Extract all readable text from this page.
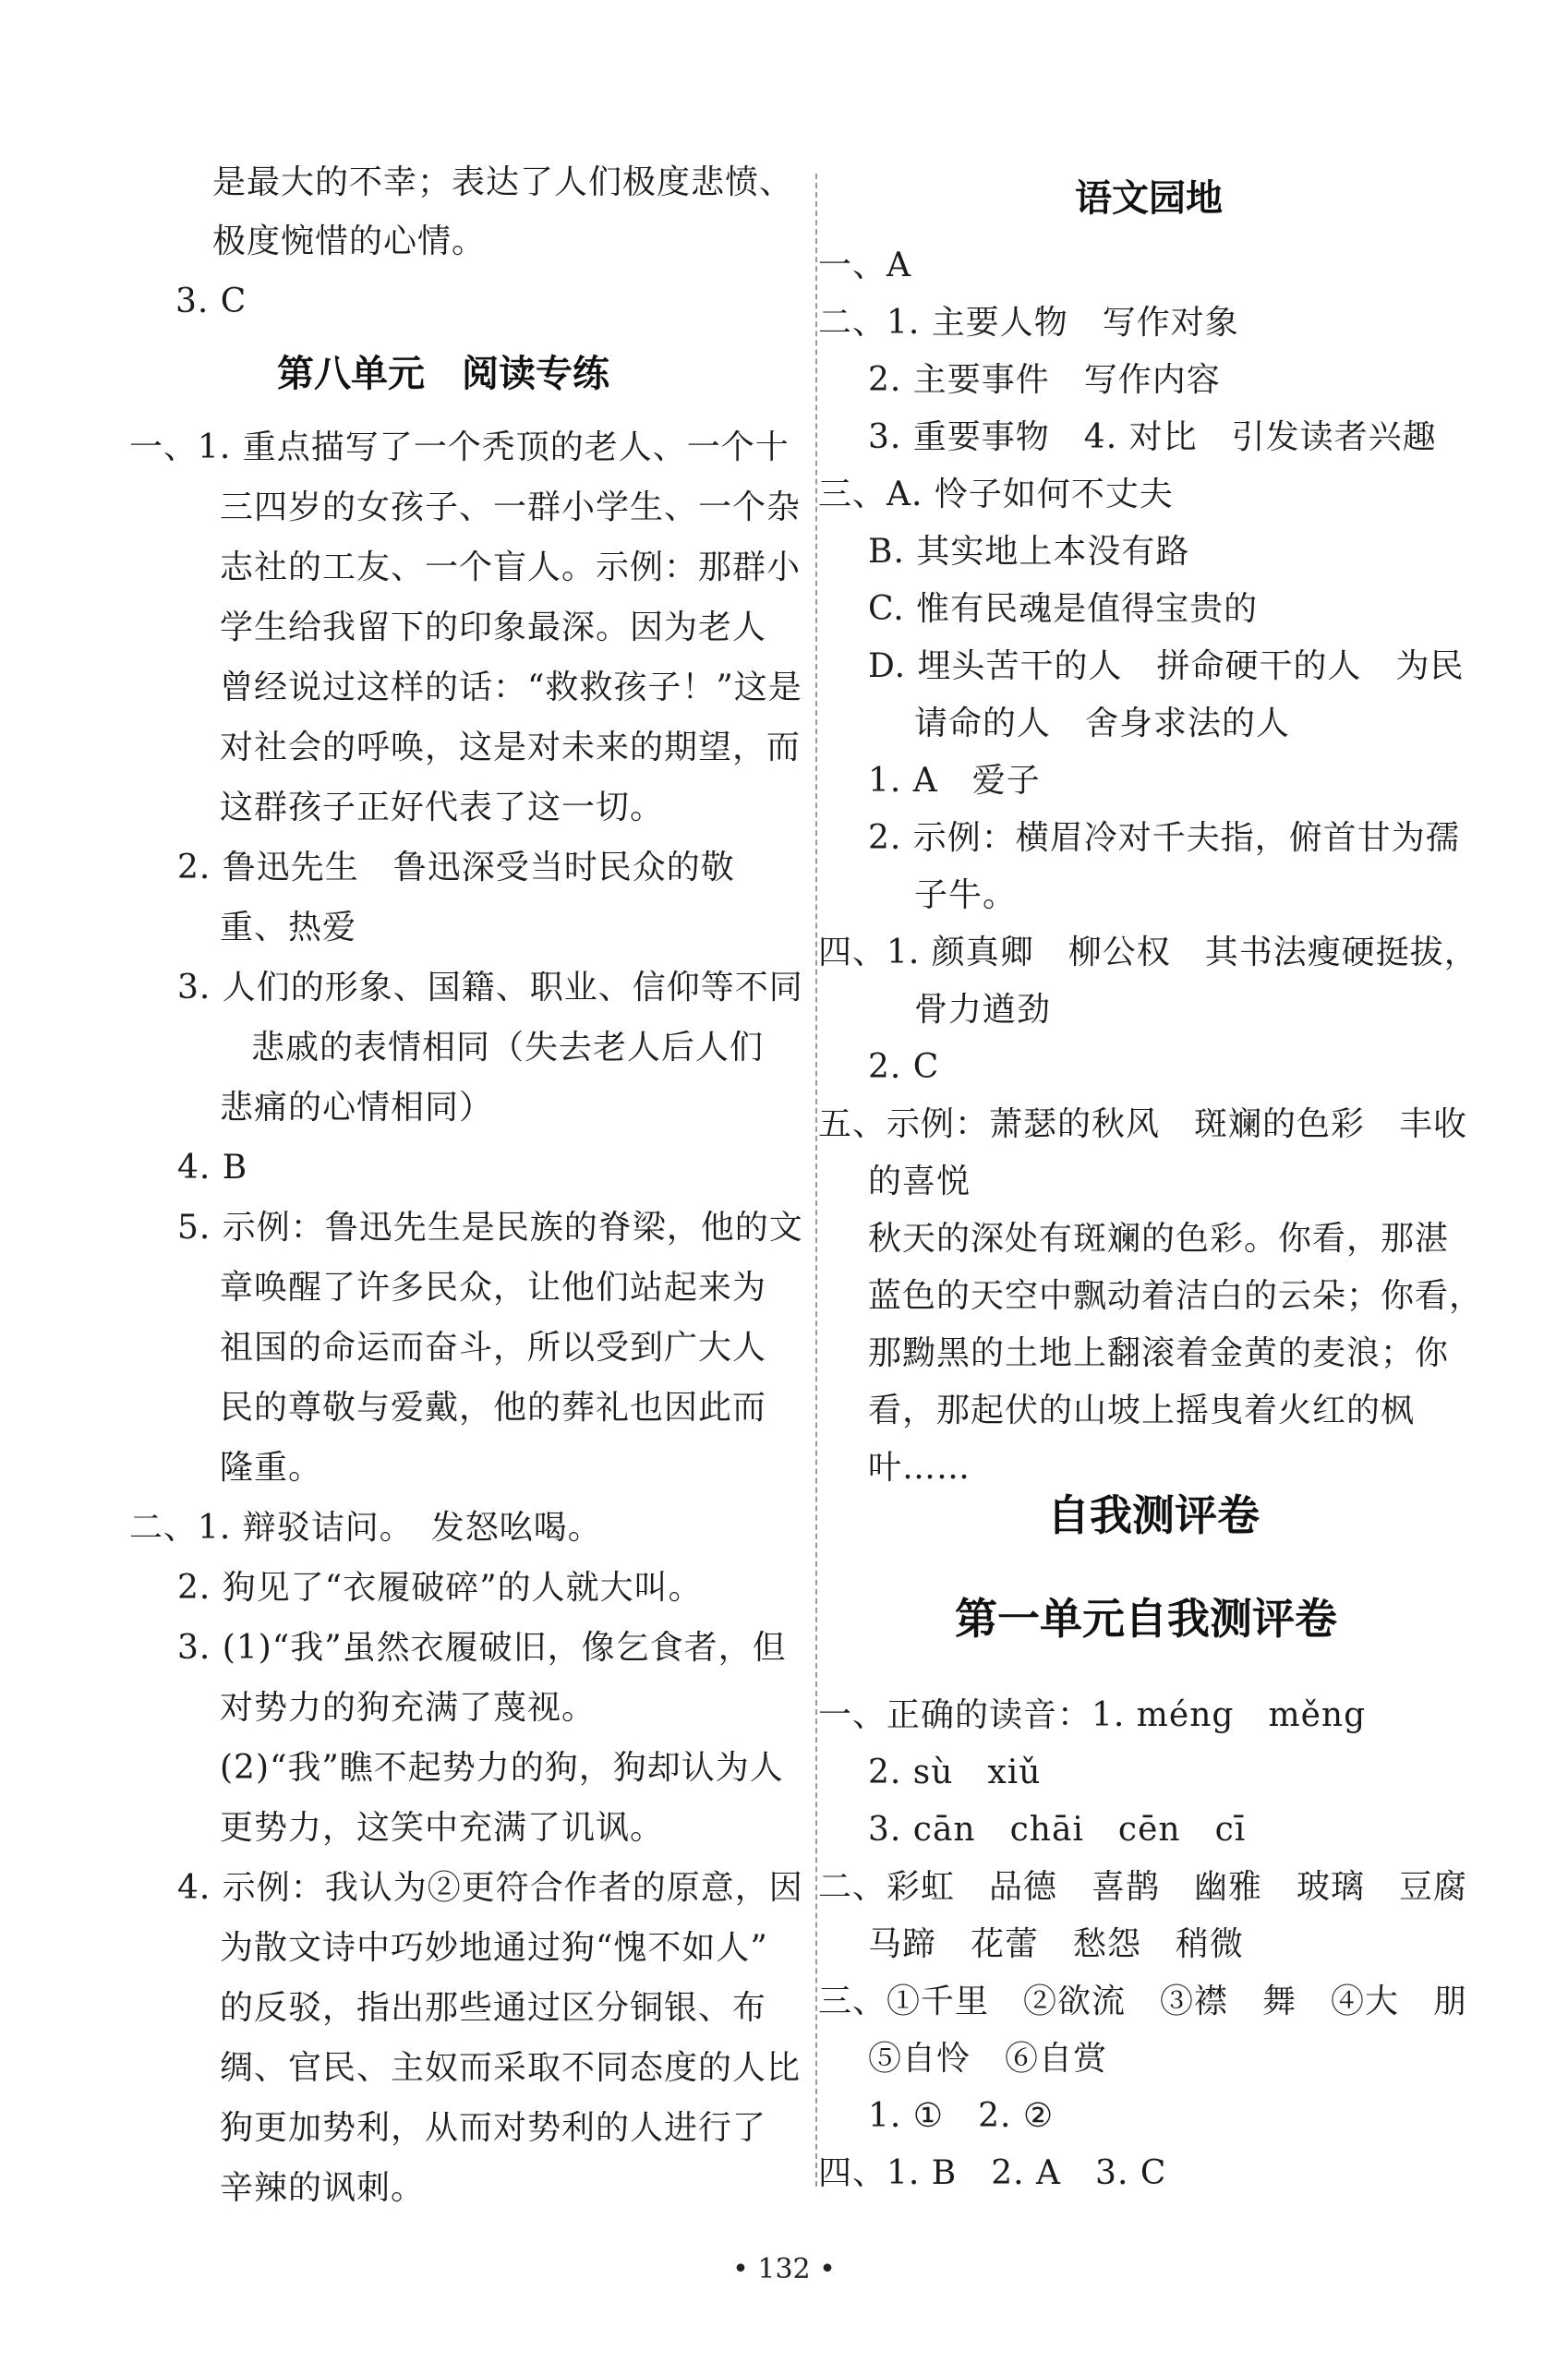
是最大的不幸；表达了人们极度悲愤、
极度惋惜的心情。
3. C
第八单元　阅读专练
一、1. 重点描写了一个秃顶的老人、一个十
三四岁的女孩子、一群小学生、一个杂
志社的工友、一个盲人。示例：那群小
学生给我留下的印象最深。因为老人
曾经说过这样的话：“救救孩子！”这是
对社会的呼唤，这是对未来的期望，而
这群孩子正好代表了这一切。
2. 鲁迅先生　鲁迅深受当时民众的敬
重、热爱
3. 人们的形象、国籍、职业、信仰等不同
悲戚的表情相同（失去老人后人们
悲痛的心情相同）
4. B
5. 示例：鲁迅先生是民族的脊梁，他的文
章唤醒了许多民众，让他们站起来为
祖国的命运而奋斗，所以受到广大人
民的尊敬与爱戴，他的葬礼也因此而
隆重。
二、1. 辩驳诘问。　发怒吆喝。
2. 狗见了“衣履破碎”的人就大叫。
3. (1)“我”虽然衣履破旧，像乞食者，但
对势力的狗充满了蔑视。
(2)“我”瞧不起势力的狗，狗却认为人
更势力，这笑中充满了讥讽。
4. 示例：我认为②更符合作者的原意，因
为散文诗中巧妙地通过狗“愧不如人”
的反驳，指出那些通过区分铜银、布
绸、官民、主奴而采取不同态度的人比
狗更加势利，从而对势利的人进行了
辛辣的讽刺。
语文园地
一、A
二、1. 主要人物　写作对象
2. 主要事件　写作内容
3. 重要事物　4. 对比　引发读者兴趣
三、A. 怜子如何不丈夫
B. 其实地上本没有路
C. 惟有民魂是值得宝贵的
D. 埋头苦干的人　拼命硬干的人　为民
请命的人　舍身求法的人
1. A　爱子
2. 示例：横眉冷对千夫指，俯首甘为孺
子牛。
四、1. 颜真卿　柳公权　其书法瘦硬挺拔，
骨力遒劲
2. C
五、示例：萧瑟的秋风　斑斓的色彩　丰收
的喜悦
秋天的深处有斑斓的色彩。你看，那湛
蓝色的天空中飘动着洁白的云朵；你看，
那黝黑的土地上翻滚着金黄的麦浪；你
看，那起伏的山坡上摇曳着火红的枫
叶……
自我测评卷
第一单元自我测评卷
一、正确的读音：1. méng　měng
2. sù　xiǔ
3. cān　chāi　cēn　cī
二、彩虹　品德　喜鹊　幽雅　玻璃　豆腐
马蹄　花蕾　愁怨　稍微
三、①千里　②欲流　③襟　舞　④大　朋
⑤自怜　⑥自赏
1. ①　2. ②
四、1. B　2. A　3. C
• 132 •
